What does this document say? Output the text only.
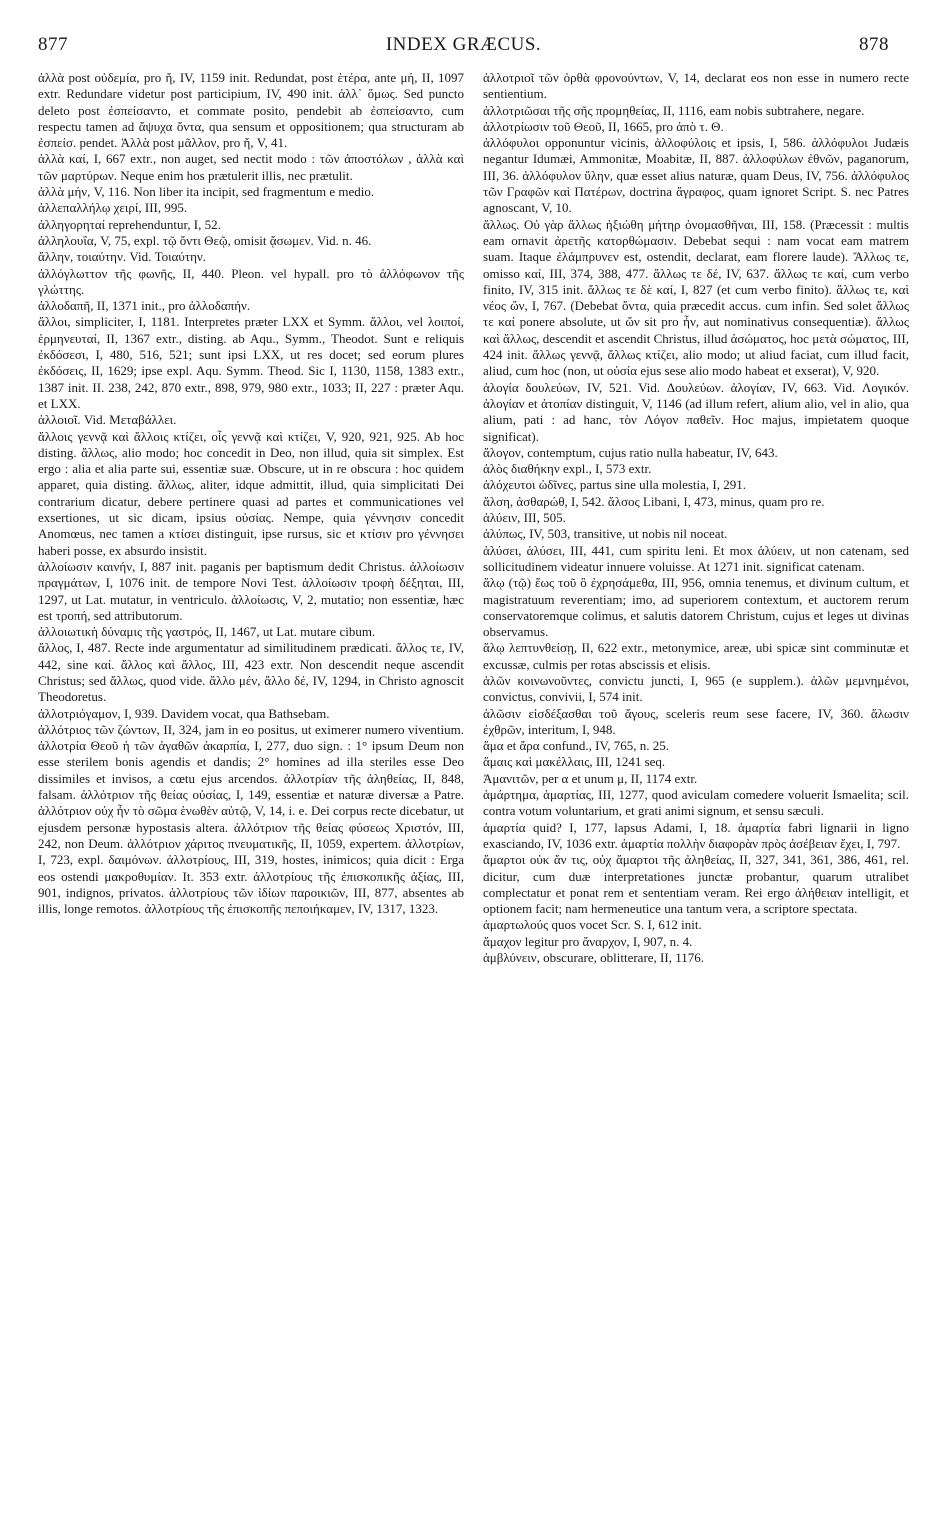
877	INDEX GRÆCUS.	878

ἀλλὰ post οὐδεμία, pro ἤ, IV, 1159 init. Redundat, post ἑτέρα, ante μή, II, 1097 extr. Redundare videtur post participium, IV, 490 init. ἀλλ᾽ ὅμως. Sed puncto deleto post ἐσπείσαντο, et commate posito, pendebit ab ἐσπείσαντο, cum respectu tamen ad ἄψυχα ὄντα, qua sensum et oppositionem; qua structuram ab ἐσπείσ. pendet. Ἀλλὰ post μᾶλλον, pro ἤ, V, 41.

ἀλλὰ καί, I, 667 extr., non auget, sed nectit modo : τῶν ἀποστόλων , ἀλλὰ καὶ τῶν μαρτύρων. Neque enim hos prætulerit illis, nec prætulit.

ἀλλὰ μήν, V, 116. Non liber ita incipit, sed fragmentum e medio.

ἀλλεπαλλήλῳ χειρί, III, 995.

ἀλληγορηταί reprehenduntur, I, 52.

ἀλληλουΐα, V, 75, expl. τῷ ὄντι Θεῷ, omisit ᾄσωμεν. Vid. n. 46.

ἄλλην, τοιαύτην. Vid. Τοιαύτην.

ἀλλόγλωττον τῆς φωνῆς, II, 440. Pleon. vel hypall. pro τὸ ἀλλόφωνον τῆς γλώττης.

ἀλλοδαπῆ, II, 1371 init., pro ἀλλοδαπήν.

ἄλλοι, simpliciter, I, 1181. Interpretes præter LXX et Symm. ἄλλοι, vel λοιποί, ἑρμηνευταί, II, 1367 extr., disting. ab Aqu., Symm., Theodot. Sunt e reliquis ἐκδόσεσι, I, 480, 516, 521; sunt ipsi LXX, ut res docet; sed eorum plures ἐκδόσεις, II, 1629; ipse expl. Aqu. Symm. Theod. Sic I, 1130, 1158, 1383 extr., 1387 init. II. 238, 242, 870 extr., 898, 979, 980 extr., 1033; II, 227 : præter Aqu. et LXX.

ἀλλοιοῖ. Vid. Μεταβάλλει.

ἄλλοις γεννᾷ καὶ ἄλλοις κτίζει, οἷς γεννᾷ καὶ κτίζει, V, 920, 921, 925. Ab hoc disting. ἄλλως, alio modo; hoc concedit in Deo, non illud, quia sit simplex. Est ergo : alia et alia parte sui, essentiæ suæ. Obscure, ut in re obscura : hoc quidem apparet, quia disting. ἄλλως, aliter, idque admittit, illud, quia simplicitati Dei contrarium dicatur, debere pertinere quasi ad partes et communicationes vel exsertiones, ut sic dicam, ipsius οὐσίας. Nempe, quia γέννησιν concedit Anomœus, nec tamen a κτίσει distinguit, ipse rursus, sic et κτίσιν pro γέννησει haberi posse, ex absurdo insistit.

ἀλλοίωσιν καινήν, I, 887 init. paganis per baptismum dedit Christus. ἀλλοίωσιν πραγμάτων, I, 1076 init. de tempore Novi Test. ἀλλοίωσιν τροφὴ δέξηται, III, 1297, ut Lat. mutatur, in ventriculo. ἀλλοίωσις, V, 2, mutatio; non essentiæ, hæc est τροπή, sed attributorum.

ἀλλοιωτικὴ δύναμις τῆς γαστρός, II, 1467, ut Lat. mutare cibum.

ἄλλος, I, 487. Recte inde argumentatur ad similitudinem prædicati. ἄλλος τε, IV, 442, sine καί. ἄλλος καὶ ἄλλος, III, 423 extr. Non descendit neque ascendit Christus; sed ἄλλως, quod vide. ἄλλο μέν, ἄλλο δέ, IV, 1294, in Christo agnoscit Theodoretus.

ἀλλοτριόγαμον, I, 939. Davidem vocat, qua Bathsebam.

ἀλλότριος τῶν ζώντων, II, 324, jam in eo positus, ut eximerer numero viventium. ἀλλοτρία Θεοῦ ἡ τῶν ἀγαθῶν ἀκαρπία, I, 277, duo sign. : 1° ipsum Deum non esse sterilem bonis agendis et dandis; 2° homines ad illa steriles esse Deo dissimiles et invisos, a cœtu ejus arcendos. ἀλλοτρίαν τῆς ἀληθείας, II, 848, falsam. ἀλλότριον τῆς θείας οὐσίας, I, 149, essentiæ et naturæ diversæ a Patre. ἀλλότριον οὐχ ἦν τὸ σῶμα ἑνωθὲν αὐτῷ, V, 14, i. e. Dei corpus recte dicebatur, ut ejusdem personæ hypostasis altera. ἀλλότριον τῆς θείας φύσεως Χριστόν, III, 242, non Deum. ἀλλότριον χάριτος πνευματικῆς, II, 1059, expertem. ἀλλοτρίων, I, 723, expl. δαιμόνων. ἀλλοτρίους, III, 319, hostes, inimicos; quia dicit : Erga eos ostendi μακροθυμίαν. It. 353 extr. ἀλλοτρίους τῆς ἐπισκοπικῆς ἀξίας, III, 901, indignos, privatos. ἀλλοτρίους τῶν ἰδίων παροικιῶν, III, 877, absentes ab illis, longe remotos. ἀλλοτρίους τῆς ἐπισκοπῆς πεποιήκαμεν, IV, 1317, 1323.

ἀλλοτριοῖ τῶν ὀρθὰ φρονούντων, V, 14, declarat eos non esse in numero recte sentientium.

ἀλλοτριῶσαι τῆς σῆς προμηθείας, II, 1116, eam nobis subtrahere, negare.

ἀλλοτρίωσιν τοῦ Θεοῦ, II, 1665, pro ἀπὸ τ. Θ.

ἀλλόφυλοι opponuntur vicinis, ἀλλοφύλοις et ipsis, I, 586. ἀλλόφυλοι Judæis negantur Idumæi, Ammonitæ, Moabitæ, II, 887. ἀλλοφύλων ἐθνῶν, paganorum, III, 36. ἀλλόφυλον ὕλην, quæ esset alius naturæ, quam Deus, IV, 756. ἀλλόφυλος τῶν Γραφῶν καὶ Πατέρων, doctrina ἄγραφος, quam ignoret Script. S. nec Patres agnoscant, V, 10.

ἄλλως. Οὐ γὰρ ἄλλως ἠξιώθη μήτηρ ὀνομασθῆναι, III, 158. (Præcessit : multis eam ornavit ἀρετῆς κατορθώμασιν. Debebat sequi : nam vocat eam matrem suam. Itaque ἐλάμπρυνεν est, ostendit, declarat, eam florere laude). Ἄλλως τε, omisso καί, III, 374, 388, 477. ἄλλως τε δέ, IV, 637. ἄλλως τε καί, cum verbo finito, IV, 315 init. ἄλλως τε δὲ καί, I, 827 (et cum verbo finito). ἄλλως τε, καὶ νέος ὤν, I, 767. (Debebat ὄντα, quia præcedit accus. cum infin. Sed solet ἄλλως τε καί ponere absolute, ut ὤν sit pro ἦν, aut nominativus consequentiæ). ἄλλως καὶ ἄλλως, descendit et ascendit Christus, illud ἀσώματος, hoc μετὰ σώματος, III, 424 init. ἄλλως γεννᾷ, ἄλλως κτίζει, alio modo; ut aliud faciat, cum illud facit, aliud, cum hoc (non, ut οὐσία ejus sese alio modo habeat et exserat), V, 920.

ἀλογία δουλεύων, IV, 521. Vid. Δουλεύων. ἀλογίαν, IV, 663. Vid. Λογικόν. ἀλογίαν et ἀτοπίαν distinguit, V, 1146 (ad illum refert, alium alio, vel in alio, qua alium, pati : ad hanc, τὸν Λόγον παθεῖν. Hoc majus, impietatem quoque significat).

ἄλογον, contemptum, cujus ratio nulla habeatur, IV, 643.

ἀλὸς διαθήκην expl., I, 573 extr.

ἀλόχευτοι ὠδῖνες, partus sine ulla molestia, I, 291.

ἄλση, ἀσθαρώθ, I, 542. ἄλσος Libani, I, 473, minus, quam pro re.

ἀλύειν, III, 505.

ἀλύπως, IV, 503, transitive, ut nobis nil noceat.

ἁλύσει, ἁλύσει, III, 441, cum spiritu leni. Et mox ἁλύειν, ut non catenam, sed sollicitudinem videatur innuere voluisse. At 1271 init. significat catenam.

ἅλῳ (τῷ) ἕως τοῦ ὃ ἐχρησάμεθα, III, 956, omnia tenemus, et divinum cultum, et magistratuum reverentiam; imo, ad superiorem contextum, et auctorem rerum conservatoremque colimus, et salutis datorem Christum, cujus et leges ut divinas observamus.

ἅλῳ λεπτυνθείσῃ, II, 622 extr., metonymice, areæ, ubi spicæ sint comminutæ et excussæ, culmis per rotas abscissis et elisis.

ἁλῶν κοινωνοῦντες, convictu juncti, I, 965 (e supplem.). ἁλῶν μεμνημένοι, convictus, convivii, I, 574 init.

ἁλῶσιν εἰσδέξασθαι τοῦ ἄγους, sceleris reum sese facere, IV, 360. ἅλωσιν ἐχθρῶν, interitum, I, 948.

ἅμα et ἄρα confund., IV, 765, n. 25.

ἅμαις καὶ μακέλλαις, III, 1241 seq.

Ἀμανιτῶν, per α et unum μ, II, 1174 extr.

ἁμάρτημα, ἁμαρτίας, III, 1277, quod aviculam comedere voluerit Ismaelita; scil. contra votum voluntarium, et grati animi signum, et sensu sæculi.

ἁμαρτία quid? I, 177, lapsus Adami, I, 18. ἁμαρτία fabri lignarii in ligno exasciando, IV, 1036 extr. ἁμαρτία πολλὴν διαφορὰν πρὸς ἀσέβειαν ἔχει, I, 797.

ἅμαρτοι οὐκ ἄν τις, οὐχ ἅμαρτοι τῆς ἀληθείας, II, 327, 341, 361, 386, 461, rel. dicitur, cum duæ interpretationes junctæ probantur, quarum utralibet complectatur et ponat rem et sententiam veram. Rei ergo ἀλήθειαν intelligit, et optionem facit; nam hermeneutice una tantum vera, a scriptore spectata.

ἁμαρτωλούς quos vocet Scr. S. I, 612 init.

ἄμαχον legitur pro ἄναρχον, I, 907, n. 4.

ἀμβλύνειν, obscurare, oblitterare, II, 1176.
